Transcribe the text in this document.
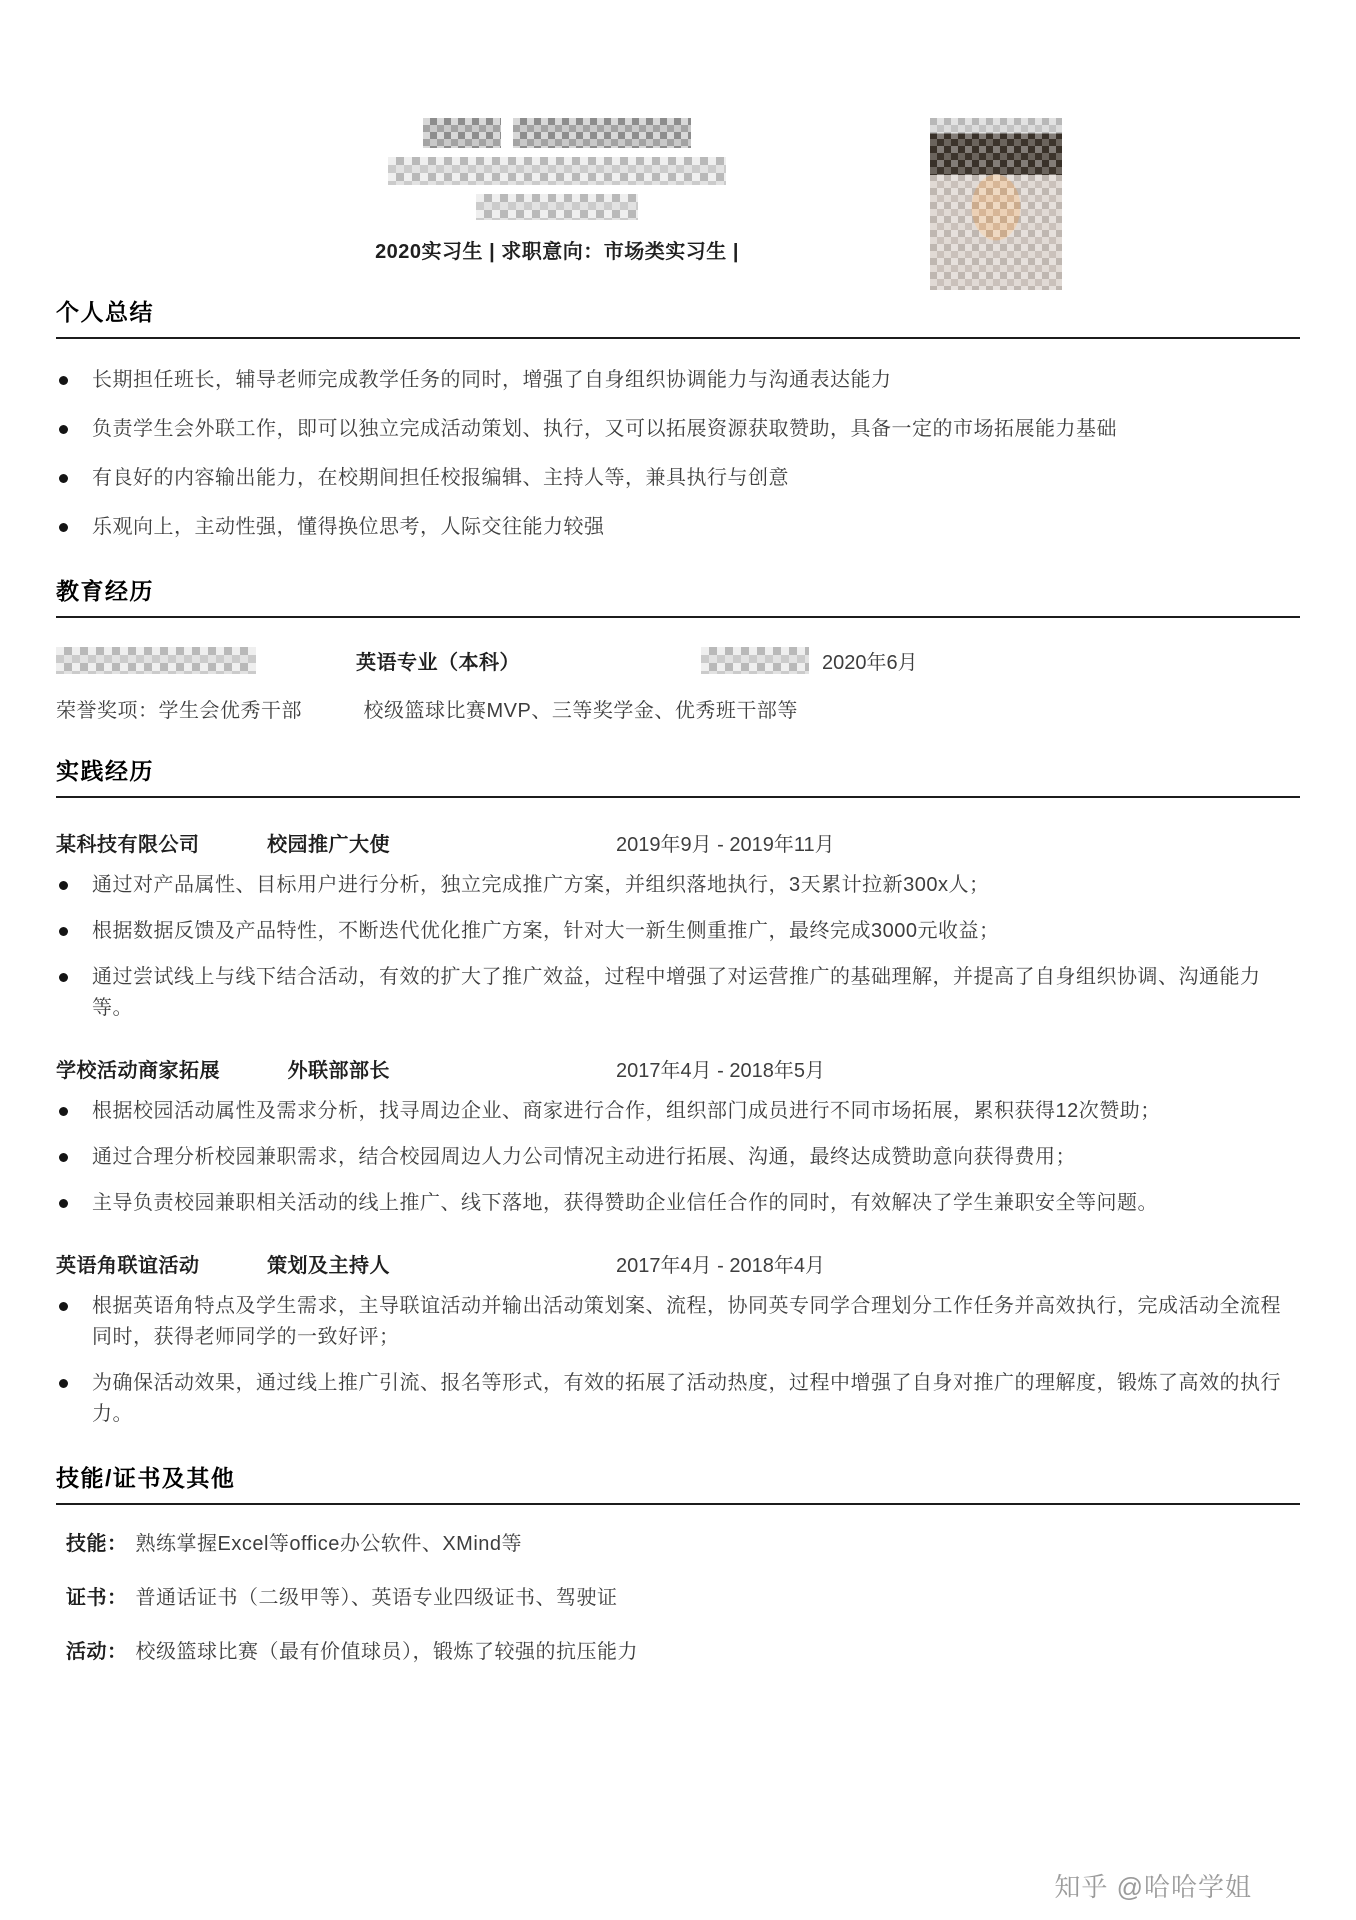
2020实习生 | 求职意向：市场类实习生 |
个人总结
长期担任班长，辅导老师完成教学任务的同时，增强了自身组织协调能力与沟通表达能力
负责学生会外联工作，即可以独立完成活动策划、执行，又可以拓展资源获取赞助，具备一定的市场拓展能力基础
有良好的内容输出能力，在校期间担任校报编辑、主持人等，兼具执行与创意
乐观向上，主动性强，懂得换位思考，人际交往能力较强
教育经历
英语专业（本科）	2020年6月
荣誉奖项：学生会优秀干部　　　校级篮球比赛MVP、三等奖学金、优秀班干部等
实践经历
某科技有限公司	校园推广大使	2019年9月 - 2019年11月
通过对产品属性、目标用户进行分析，独立完成推广方案，并组织落地执行，3天累计拉新300x人；
根据数据反馈及产品特性，不断迭代优化推广方案，针对大一新生侧重推广，最终完成3000元收益；
通过尝试线上与线下结合活动，有效的扩大了推广效益，过程中增强了对运营推广的基础理解，并提高了自身组织协调、沟通能力等。
学校活动商家拓展	外联部部长	2017年4月 - 2018年5月
根据校园活动属性及需求分析，找寻周边企业、商家进行合作，组织部门成员进行不同市场拓展，累积获得12次赞助；
通过合理分析校园兼职需求，结合校园周边人力公司情况主动进行拓展、沟通，最终达成赞助意向获得费用；
主导负责校园兼职相关活动的线上推广、线下落地，获得赞助企业信任合作的同时，有效解决了学生兼职安全等问题。
英语角联谊活动	策划及主持人	2017年4月 - 2018年4月
根据英语角特点及学生需求，主导联谊活动并输出活动策划案、流程，协同英专同学合理划分工作任务并高效执行，完成活动全流程同时，获得老师同学的一致好评；
为确保活动效果，通过线上推广引流、报名等形式，有效的拓展了活动热度，过程中增强了自身对推广的理解度，锻炼了高效的执行力。
技能/证书及其他
技能： 熟练掌握Excel等office办公软件、XMind等
证书： 普通话证书（二级甲等）、英语专业四级证书、驾驶证
活动： 校级篮球比赛（最有价值球员），锻炼了较强的抗压能力
知乎 @哈哈学姐
